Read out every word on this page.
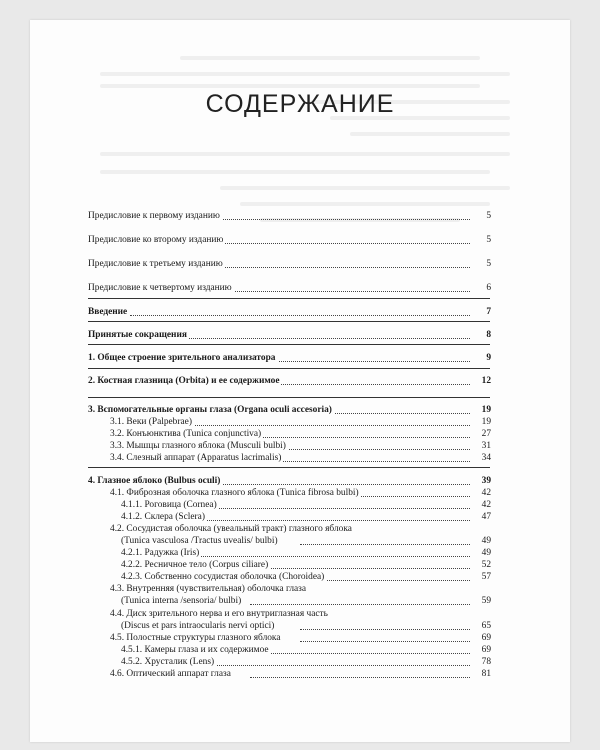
СОДЕРЖАНИЕ
Предисловие к первому изданию	5
Предисловие ко второму изданию	5
Предисловие к третьему изданию	5
Предисловие к четвертому изданию	6
Введение	7
Принятые сокращения	8
1. Общее строение зрительного анализатора	9
2. Костная глазница (Orbita) и ее содержимое	12
3. Вспомогательные органы глаза (Organa oculi accesoria)	19
3.1. Веки (Palpebrae)	19
3.2. Конъюнктива (Tunica conjunctiva)	27
3.3. Мышцы глазного яблока (Musculi bulbi)	31
3.4. Слезный аппарат (Apparatus lacrimalis)	34
4. Глазное яблоко (Bulbus oculi)	39
4.1. Фиброзная оболочка глазного яблока (Tunica fibrosa bulbi)	42
4.1.1. Роговица (Cornea)	42
4.1.2. Склера (Sclera)	47
4.2. Сосудистая оболочка (увеальный тракт) глазного яблока
(Tunica vasculosa /Tractus uvealis/ bulbi)	49
4.2.1. Радужка (Iris)	49
4.2.2. Ресничное тело (Corpus ciliare)	52
4.2.3. Собственно сосудистая оболочка (Choroidea)	57
4.3. Внутренняя (чувствительная) оболочка глаза
(Tunica interna /sensoria/ bulbi)	59
4.4. Диск зрительного нерва и его внутриглазная часть
(Discus et pars intraocularis nervi optici)	65
4.5. Полостные структуры глазного яблока	69
4.5.1. Камеры глаза и их содержимое	69
4.5.2. Хрусталик (Lens)	78
4.6. Оптический аппарат глаза	81
